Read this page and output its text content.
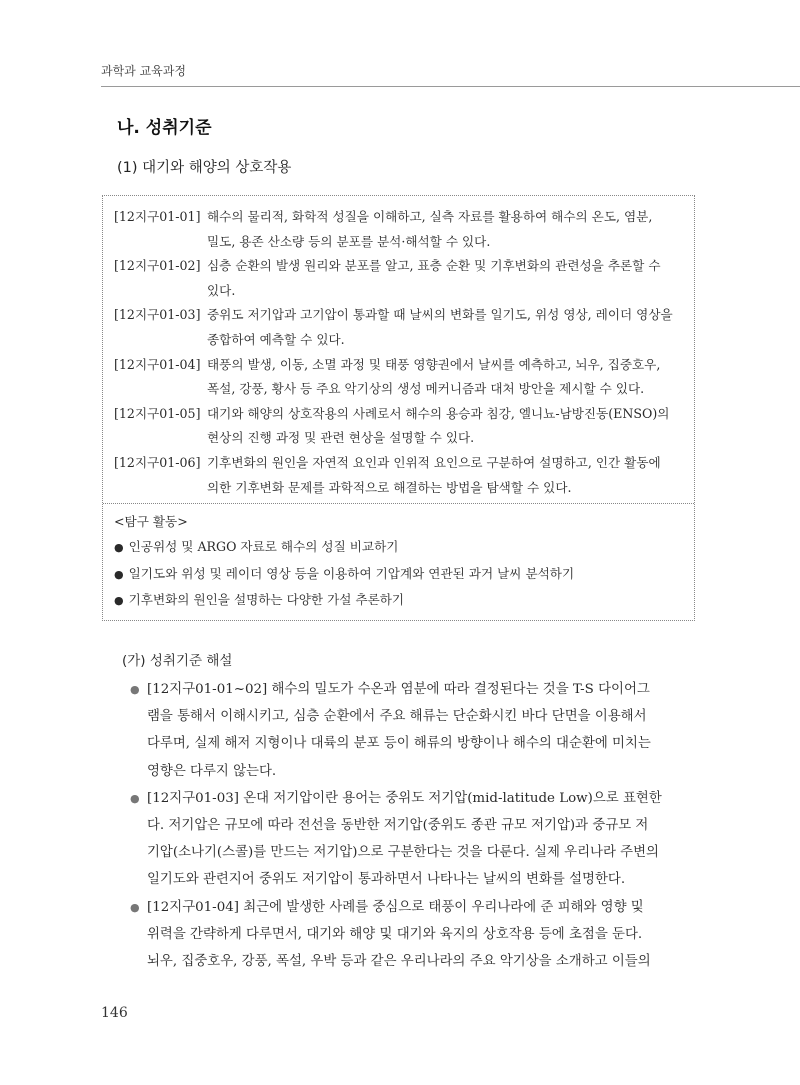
과학과 교육과정
나. 성취기준
(1) 대기와 해양의 상호작용
[12지구01-01] 해수의 물리적, 화학적 성질을 이해하고, 실측 자료를 활용하여 해수의 온도, 염분,
밀도, 용존 산소량 등의 분포를 분석·해석할 수 있다.
[12지구01-02] 심층 순환의 발생 원리와 분포를 알고, 표층 순환 및 기후변화의 관련성을 추론할 수
있다.
[12지구01-03] 중위도 저기압과 고기압이 통과할 때 날씨의 변화를 일기도, 위성 영상, 레이더 영상을
종합하여 예측할 수 있다.
[12지구01-04] 태풍의 발생, 이동, 소멸 과정 및 태풍 영향권에서 날씨를 예측하고, 뇌우, 집중호우,
폭설, 강풍, 황사 등 주요 악기상의 생성 메커니즘과 대처 방안을 제시할 수 있다.
[12지구01-05] 대기와 해양의 상호작용의 사례로서 해수의 용승과 침강, 엘니뇨-남방진동(ENSO)의
현상의 진행 과정 및 관련 현상을 설명할 수 있다.
[12지구01-06] 기후변화의 원인을 자연적 요인과 인위적 요인으로 구분하여 설명하고, 인간 활동에
의한 기후변화 문제를 과학적으로 해결하는 방법을 탐색할 수 있다.
<탐구 활동>
● 인공위성 및 ARGO 자료로 해수의 성질 비교하기
● 일기도와 위성 및 레이더 영상 등을 이용하여 기압계와 연관된 과거 날씨 분석하기
● 기후변화의 원인을 설명하는 다양한 가설 추론하기
(가) 성취기준 해설
● [12지구01-01~02] 해수의 밀도가 수온과 염분에 따라 결정된다는 것을 T-S 다이어그
램을 통해서 이해시키고, 심층 순환에서 주요 해류는 단순화시킨 바다 단면을 이용해서
다루며, 실제 해저 지형이나 대륙의 분포 등이 해류의 방향이나 해수의 대순환에 미치는
영향은 다루지 않는다.
● [12지구01-03] 온대 저기압이란 용어는 중위도 저기압(mid-latitude Low)으로 표현한
다. 저기압은 규모에 따라 전선을 동반한 저기압(중위도 종관 규모 저기압)과 중규모 저
기압(소나기(스콜)를 만드는 저기압)으로 구분한다는 것을 다룬다. 실제 우리나라 주변의
일기도와 관련지어 중위도 저기압이 통과하면서 나타나는 날씨의 변화를 설명한다.
● [12지구01-04] 최근에 발생한 사례를 중심으로 태풍이 우리나라에 준 피해와 영향 및
위력을 간략하게 다루면서, 대기와 해양 및 대기와 육지의 상호작용 등에 초점을 둔다.
뇌우, 집중호우, 강풍, 폭설, 우박 등과 같은 우리나라의 주요 악기상을 소개하고 이들의
146
